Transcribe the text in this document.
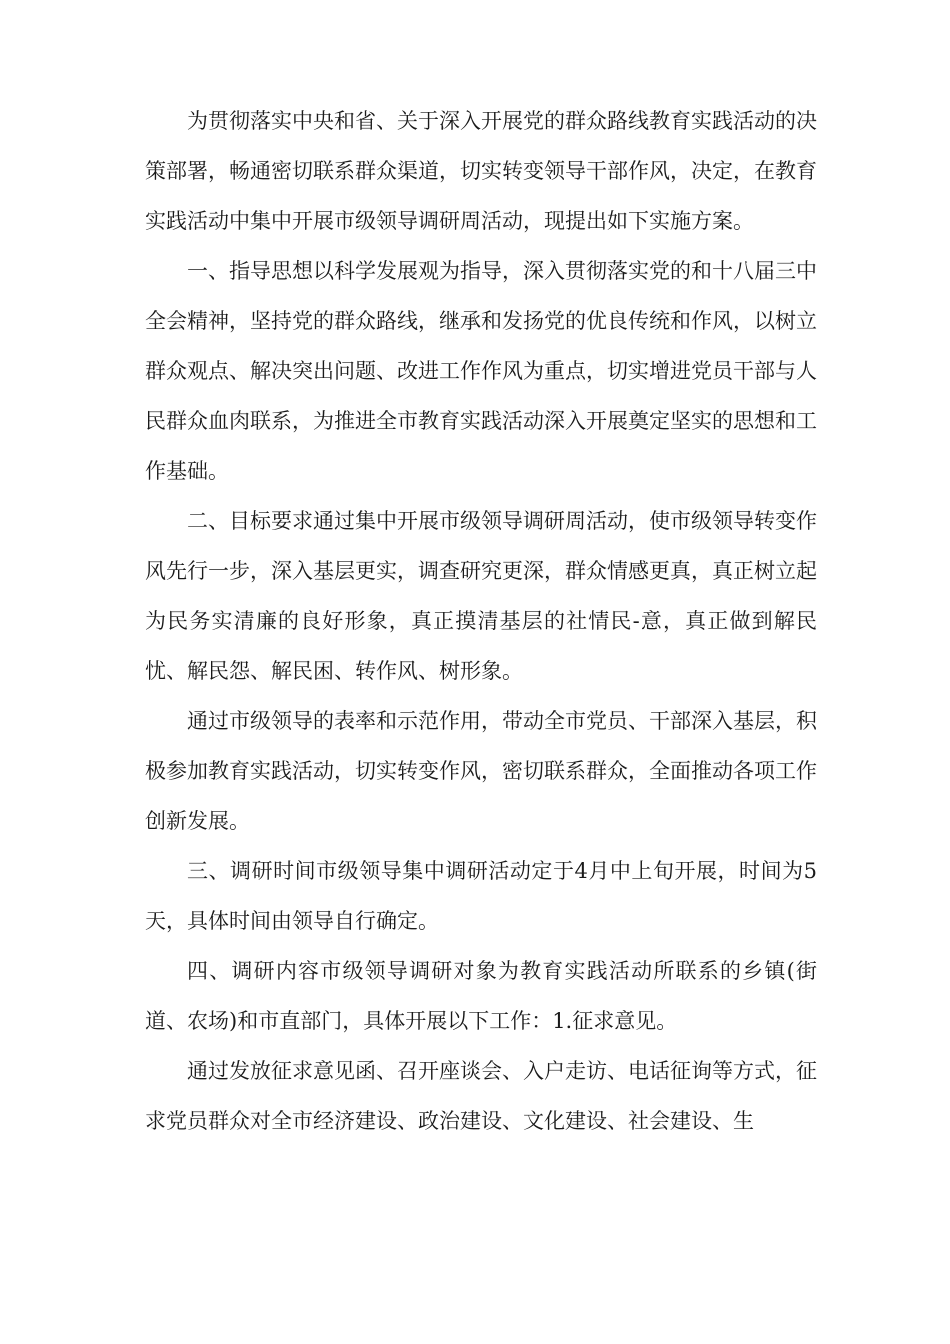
为贯彻落实中央和省、关于深入开展党的群众路线教育实践活动的决策部署，畅通密切联系群众渠道，切实转变领导干部作风，决定，在教育实践活动中集中开展市级领导调研周活动，现提出如下实施方案。

一、指导思想以科学发展观为指导，深入贯彻落实党的和十八届三中全会精神，坚持党的群众路线，继承和发扬党的优良传统和作风，以树立群众观点、解决突出问题、改进工作作风为重点，切实增进党员干部与人民群众血肉联系，为推进全市教育实践活动深入开展奠定坚实的思想和工作基础。

二、目标要求通过集中开展市级领导调研周活动，使市级领导转变作风先行一步，深入基层更实，调查研究更深，群众情感更真，真正树立起为民务实清廉的良好形象，真正摸清基层的社情民-意，真正做到解民忧、解民怨、解民困、转作风、树形象。

通过市级领导的表率和示范作用，带动全市党员、干部深入基层，积极参加教育实践活动，切实转变作风，密切联系群众，全面推动各项工作创新发展。

三、调研时间市级领导集中调研活动定于4月中上旬开展，时间为5天，具体时间由领导自行确定。

四、调研内容市级领导调研对象为教育实践活动所联系的乡镇(街道、农场)和市直部门，具体开展以下工作：1.征求意见。

通过发放征求意见函、召开座谈会、入户走访、电话征询等方式，征求党员群众对全市经济建设、政治建设、文化建设、社会建设、生
